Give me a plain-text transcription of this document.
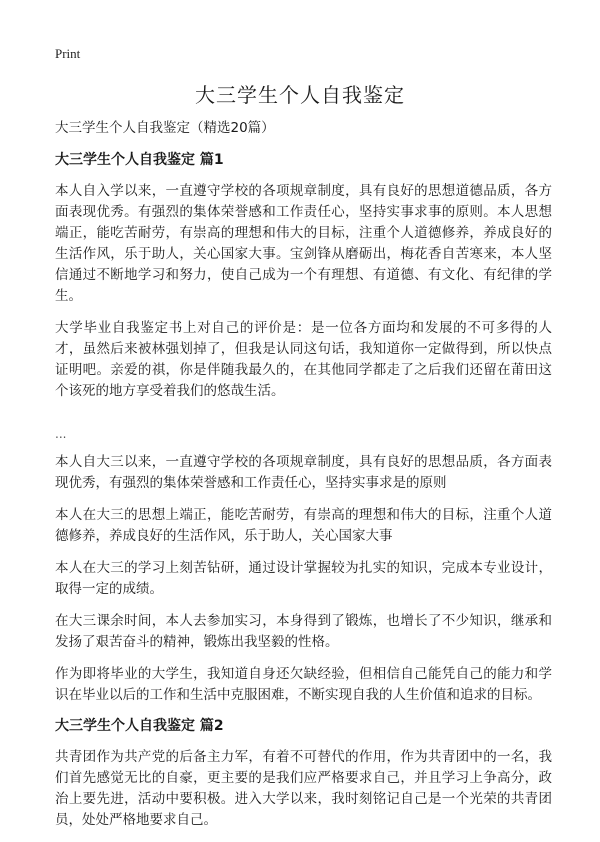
Print
大三学生个人自我鉴定

大三学生个人自我鉴定（精选20篇）

大三学生个人自我鉴定 篇1

本人自入学以来，一直遵守学校的各项规章制度，具有良好的思想道德品质，各方面表现优秀。有强烈的集体荣誉感和工作责任心，坚持实事求事的原则。本人思想端正，能吃苦耐劳，有崇高的理想和伟大的目标，注重个人道德修养，养成良好的生活作风，乐于助人，关心国家大事。宝剑锋从磨砺出，梅花香自苦寒来，本人坚信通过不断地学习和努力，使自己成为一个有理想、有道德、有文化、有纪律的学生。

大学毕业自我鉴定书上对自己的评价是：是一位各方面均和发展的不可多得的人才，虽然后来被林强划掉了，但我是认同这句话，我知道你一定做得到，所以快点证明吧。亲爱的祺，你是伴随我最久的，在其他同学都走了之后我们还留在莆田这个该死的地方享受着我们的悠哉生活。

...

本人自大三以来，一直遵守学校的各项规章制度，具有良好的思想品质，各方面表现优秀，有强烈的集体荣誉感和工作责任心，坚持实事求是的原则

本人在大三的思想上端正，能吃苦耐劳，有崇高的理想和伟大的目标，注重个人道德修养，养成良好的生活作风，乐于助人，关心国家大事

本人在大三的学习上刻苦钻研，通过设计掌握较为扎实的知识，完成本专业设计，取得一定的成绩。

在大三课余时间，本人去参加实习，本身得到了锻炼，也增长了不少知识，继承和发扬了艰苦奋斗的精神，锻炼出我坚毅的性格。

作为即将毕业的大学生，我知道自身还欠缺经验，但相信自己能凭自己的能力和学识在毕业以后的工作和生活中克服困难，不断实现自我的人生价值和追求的目标。

大三学生个人自我鉴定 篇2

共青团作为共产党的后备主力军，有着不可替代的作用，作为共青团中的一名，我们首先感觉无比的自豪，更主要的是我们应严格要求自己，并且学习上争高分，政治上要先进，活动中要积极。进入大学以来，我时刻铭记自己是一个光荣的共青团员，处处严格地要求自己。
